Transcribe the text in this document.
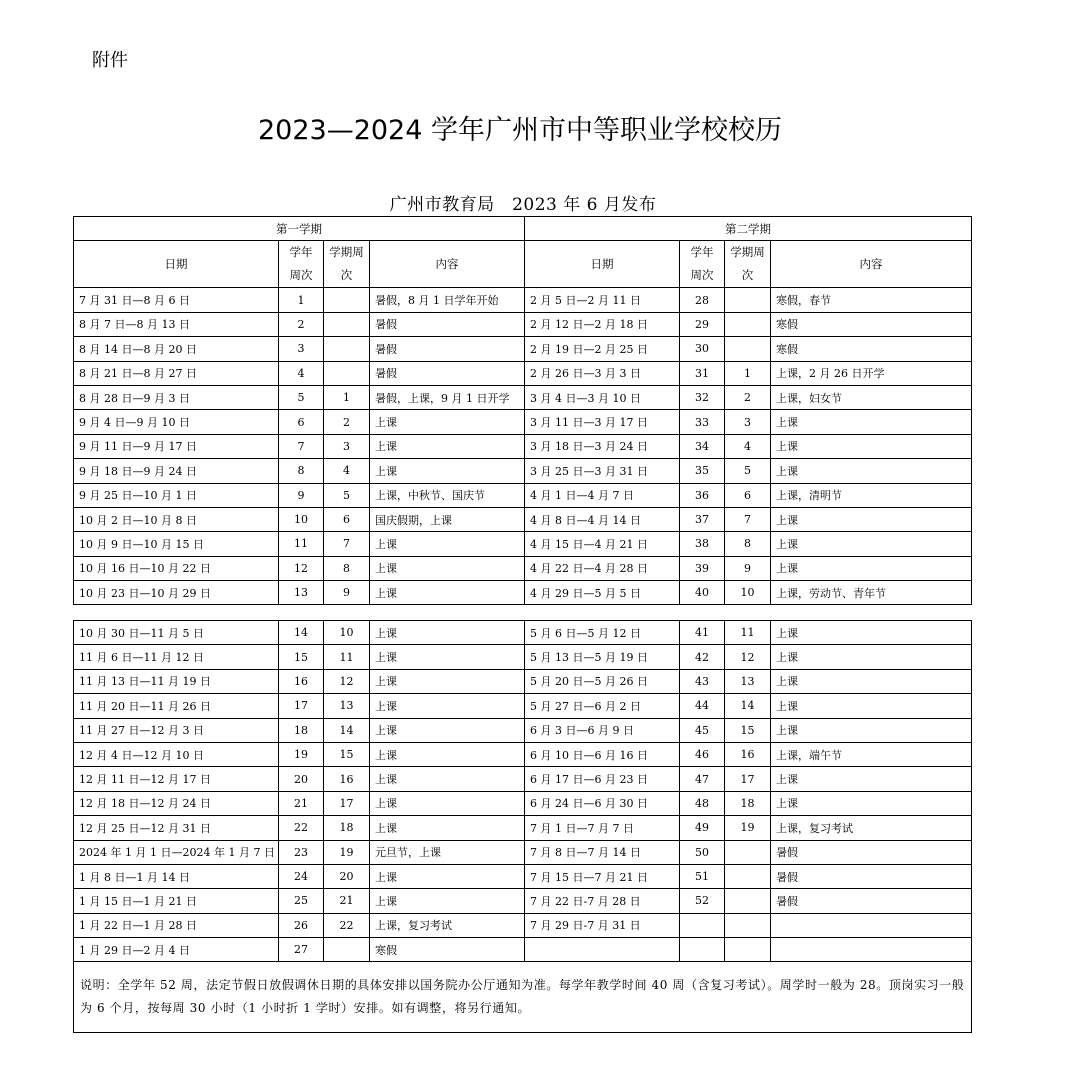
附件
2023—2024 学年广州市中等职业学校校历
广州市教育局　2023 年 6 月发布
第一学期				第二学期			
日期	学年周次	学期周次	内容	日期	学年周次	学期周次	内容
7 月 31 日—8 月 6 日	1		暑假，8 月 1 日学年开始	2 月 5 日—2 月 11 日	28		寒假，春节
8 月 7 日—8 月 13 日	2		暑假	2 月 12 日—2 月 18 日	29		寒假
8 月 14 日—8 月 20 日	3		暑假	2 月 19 日—2 月 25 日	30		寒假
8 月 21 日—8 月 27 日	4		暑假	2 月 26 日—3 月 3 日	31	1	上课，2 月 26 日开学
8 月 28 日—9 月 3 日	5	1	暑假，上课，9 月 1 日开学	3 月 4 日—3 月 10 日	32	2	上课，妇女节
9 月 4 日—9 月 10 日	6	2	上课	3 月 11 日—3 月 17 日	33	3	上课
9 月 11 日—9 月 17 日	7	3	上课	3 月 18 日—3 月 24 日	34	4	上课
9 月 18 日—9 月 24 日	8	4	上课	3 月 25 日—3 月 31 日	35	5	上课
9 月 25 日—10 月 1 日	9	5	上课，中秋节、国庆节	4 月 1 日—4 月 7 日	36	6	上课，清明节
10 月 2 日—10 月 8 日	10	6	国庆假期，上课	4 月 8 日—4 月 14 日	37	7	上课
10 月 9 日—10 月 15 日	11	7	上课	4 月 15 日—4 月 21 日	38	8	上课
10 月 16 日—10 月 22 日	12	8	上课	4 月 22 日—4 月 28 日	39	9	上课
10 月 23 日—10 月 29 日	13	9	上课	4 月 29 日—5 月 5 日	40	10	上课，劳动节、青年节
10 月 30 日—11 月 5 日	14	10	上课	5 月 6 日—5 月 12 日	41	11	上课
11 月 6 日—11 月 12 日	15	11	上课	5 月 13 日—5 月 19 日	42	12	上课
11 月 13 日—11 月 19 日	16	12	上课	5 月 20 日—5 月 26 日	43	13	上课
11 月 20 日—11 月 26 日	17	13	上课	5 月 27 日—6 月 2 日	44	14	上课
11 月 27 日—12 月 3 日	18	14	上课	6 月 3 日—6 月 9 日	45	15	上课
12 月 4 日—12 月 10 日	19	15	上课	6 月 10 日—6 月 16 日	46	16	上课，端午节
12 月 11 日—12 月 17 日	20	16	上课	6 月 17 日—6 月 23 日	47	17	上课
12 月 18 日—12 月 24 日	21	17	上课	6 月 24 日—6 月 30 日	48	18	上课
12 月 25 日—12 月 31 日	22	18	上课	7 月 1 日—7 月 7 日	49	19	上课，复习考试
2024 年 1 月 1 日—2024 年 1 月 7 日	23	19	元旦节，上课	7 月 8 日—7 月 14 日	50		暑假
1 月 8 日—1 月 14 日	24	20	上课	7 月 15 日—7 月 21 日	51		暑假
1 月 15 日—1 月 21 日	25	21	上课	7 月 22 日-7 月 28 日	52		暑假
1 月 22 日—1 月 28 日	26	22	上课，复习考试	7 月 29 日-7 月 31 日			
1 月 29 日—2 月 4 日	27		寒假				
说明：全学年 52 周，法定节假日放假调休日期的具体安排以国务院办公厅通知为准。每学年教学时间 40 周（含复习考试）。周学时一般为 28。顶岗实习一般为 6 个月，按每周 30 小时（1 小时折 1 学时）安排。如有调整，将另行通知。							
